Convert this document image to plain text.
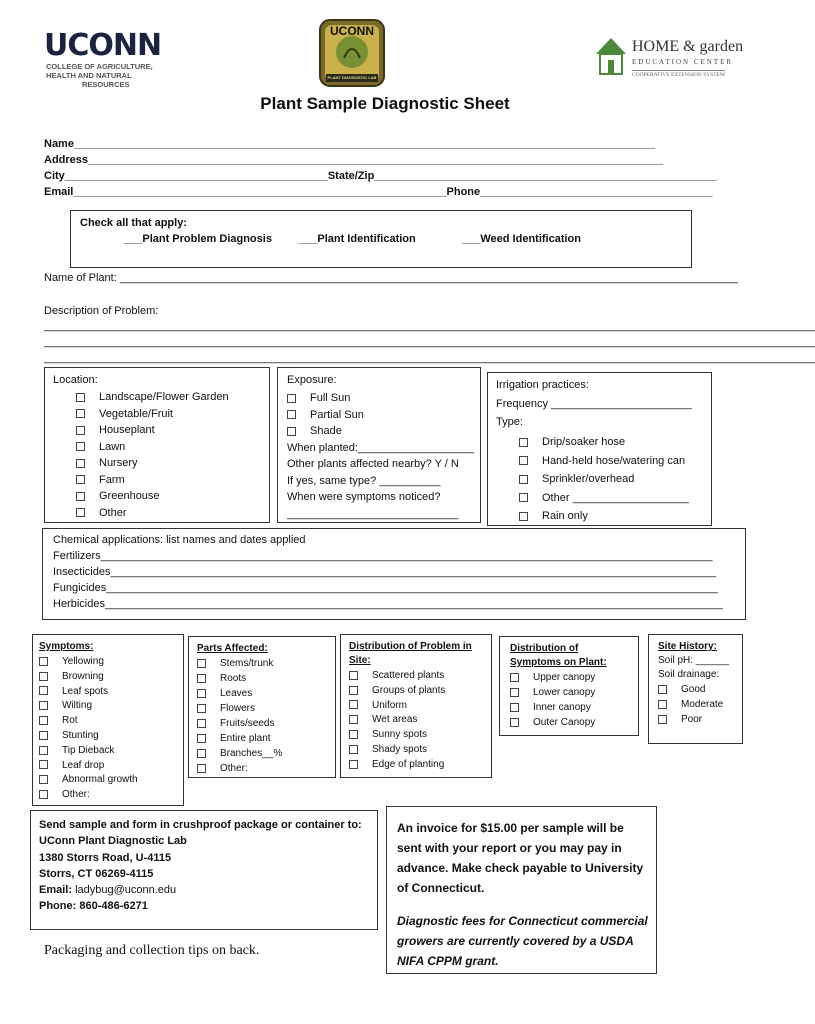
UCONN
COLLEGE OF AGRICULTURE,
HEALTH AND NATURAL
RESOURCES
UCONN
PLANT DIAGNOSTIC LAB
HOME & garden
EDUCATION CENTER
COOPERATIVE EXTENSION SYSTEM
Plant Sample Diagnostic Sheet
Name_______________________________________________________________________________________________
Address______________________________________________________________________________________________
City___________________________________________State/Zip________________________________________________________
Email_____________________________________________________________Phone______________________________________
Check all that apply:
___Plant Problem Diagnosis ___Plant Identification	___Weed Identification
Name of Plant: _____________________________________________________________________________________________________
Description of Problem:
______________________________________________________________________________________________________________________________
______________________________________________________________________________________________________________________________
______________________________________________________________________________________________________________________________
Location:
Landscape/Flower Garden
Vegetable/Fruit
Houseplant
Lawn
Nursery
Farm
Greenhouse
Other
Exposure:
Full Sun
Partial Sun
Shade
When planted:___________________
Other plants affected nearby? Y / N
If yes, same type? __________
When were symptoms noticed?
____________________________
Irrigation practices:
Frequency _______________________
Type:
Drip/soaker hose
Hand-held hose/watering can
Sprinkler/overhead
Other ___________________
Rain only
Chemical applications: list names and dates applied
Fertilizers____________________________________________________________________________________________________
Insecticides___________________________________________________________________________________________________
Fungicides____________________________________________________________________________________________________
Herbicides_____________________________________________________________________________________________________
Symptoms:
Yellowing
Browning
Leaf spots
Wilting
Rot
Stunting
Tip Dieback
Leaf drop
Abnormal growth
Other:
Parts Affected:
Stems/trunk
Roots
Leaves
Flowers
Fruits/seeds
Entire plant
Branches__%
Other:
Distribution of Problem in
Site:
Scattered plants
Groups of plants
Uniform
Wet areas
Sunny spots
Shady spots
Edge of planting
Distribution of
Symptoms on Plant:
Upper canopy
Lower canopy
Inner canopy
Outer Canopy
Site History:
Soil pH: ______
Soil drainage:
Good
Moderate
Poor
Send sample and form in crushproof package or container to:
UConn Plant Diagnostic Lab
1380 Storrs Road, U-4115
Storrs, CT 06269-4115
Email: ladybug@uconn.edu
Phone: 860-486-6271
Packaging and collection tips on back.
An invoice for $15.00 per sample will be
sent with your report or you may pay in
advance. Make check payable to University
of Connecticut.
Diagnostic fees for Connecticut commercial
growers are currently covered by a USDA
NIFA CPPM grant.
